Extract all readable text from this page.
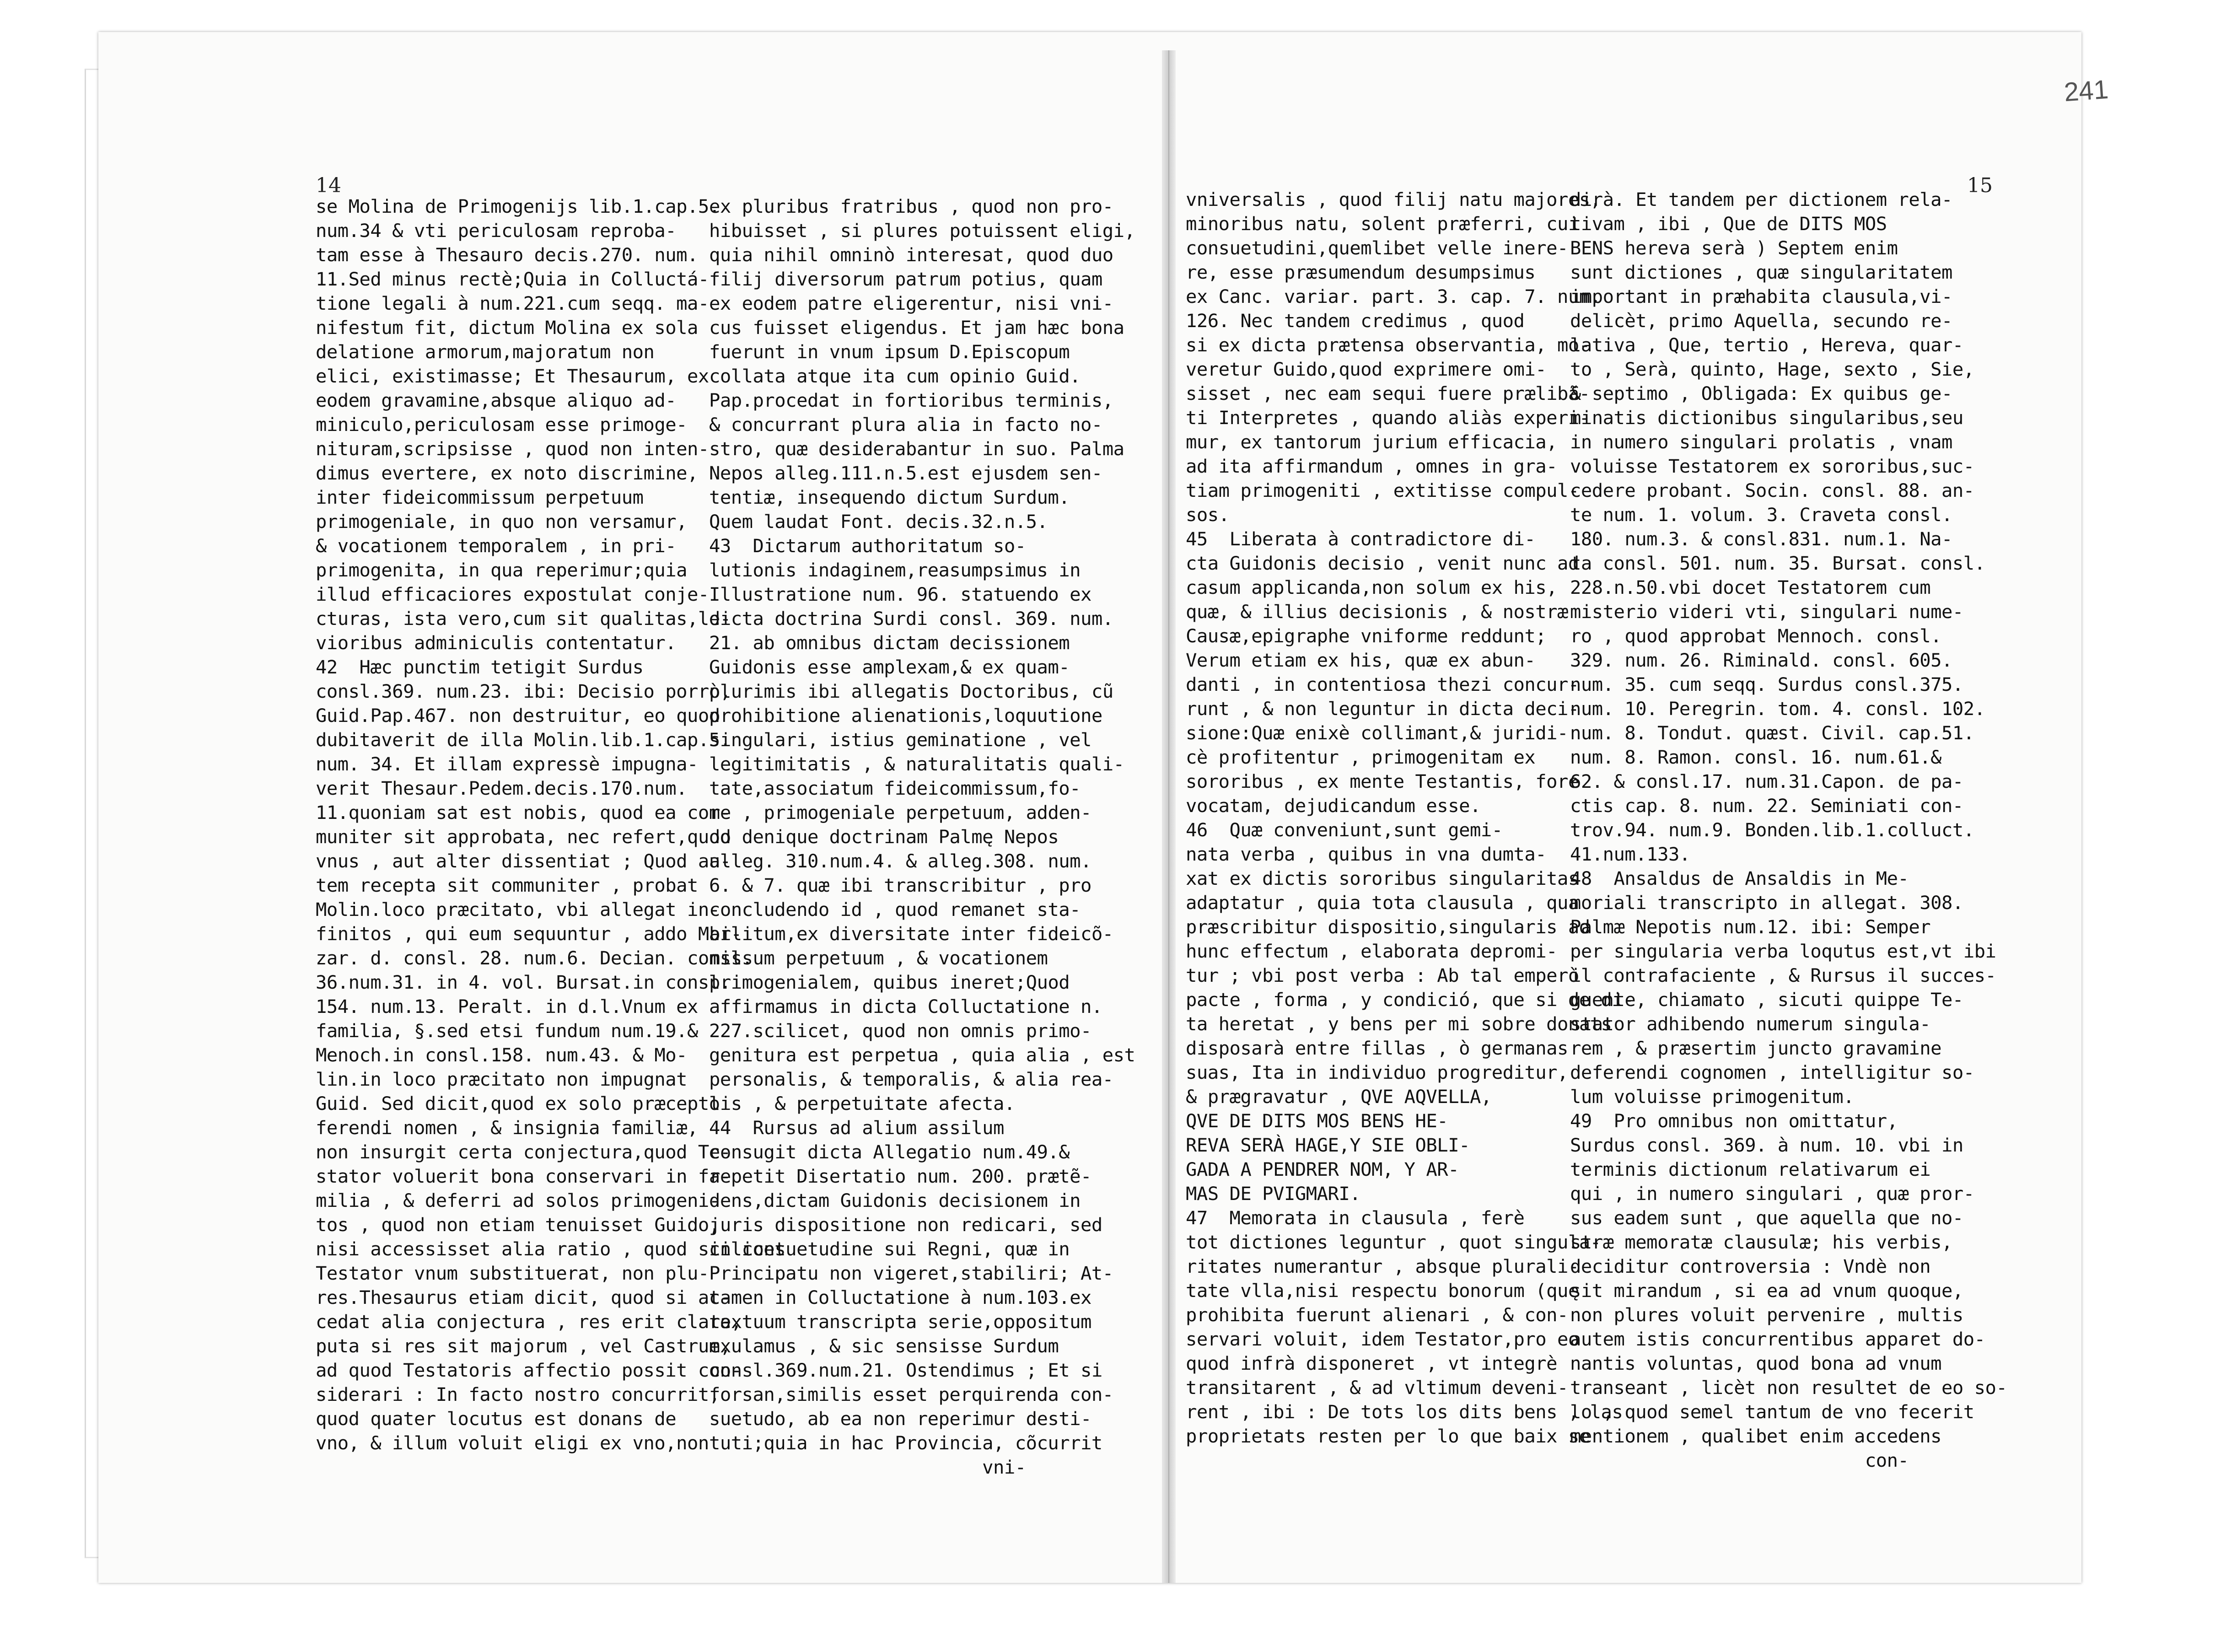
241
14	15
se Molina de Primogenijs lib.1.cap.5.
num.34 & vti periculosam reproba-
tam esse à Thesauro decis.270. num.
11.Sed minus rectè;Quia in Colluctá-
tione legali à num.221.cum seqq. ma-
nifestum fit, dictum Molina ex sola
delatione armorum,majoratum non
elici, existimasse; Et Thesaurum, ex
eodem gravamine,absque aliquo ad-
miniculo,periculosam esse primoge-
nituram,scripsisse , quod non inten-
dimus evertere, ex noto discrimine,
inter fideicommissum perpetuum
primogeniale, in quo non versamur,
& vocationem temporalem , in pri-
primogenita, in qua reperimur;quia
illud efficaciores expostulat conje-
cturas, ista vero,cum sit qualitas,le-
vioribus adminiculis contentatur.
42  Hæc punctim tetigit Surdus
consl.369. num.23. ibi: Decisio porrò,
Guid.Pap.467. non destruitur, eo quod
dubitaverit de illa Molin.lib.1.cap.5.
num. 34. Et illam expressè impugna-
verit Thesaur.Pedem.decis.170.num.
11.quoniam sat est nobis, quod ea com-
muniter sit approbata, nec refert,quod
vnus , aut alter dissentiat ; Quod au-
tem recepta sit communiter , probat
Molin.loco præcitato, vbi allegat in-
finitos , qui eum sequuntur , addo Mar-
zar. d. consl. 28. num.6. Decian. consl.
36.num.31. in 4. vol. Bursat.in consl.
154. num.13. Peralt. in d.l.Vnum ex
familia, §.sed etsi fundum num.19.&
Menoch.in consl.158. num.43. & Mo-
lin.in loco præcitato non impugnat
Guid. Sed dicit,quod ex solo præcepto
ferendi nomen , & insignia familiæ,
non insurgit certa conjectura,quod Te-
stator voluerit bona conservari in fa-
milia , & deferri ad solos primogeni-
tos , quod non etiam tenuisset Guido,
nisi accessisset alia ratio , quod scilicet
Testator vnum substituerat, non plu-
res.Thesaurus etiam dicit, quod si ac-
cedat alia conjectura , res erit clara,
puta si res sit majorum , vel Castrum,
ad quod Testatoris affectio possit con-
siderari : In facto nostro concurrit,
quod quater locutus est donans de
vno, & illum voluit eligi ex vno,non
ex pluribus fratribus , quod non pro-
hibuisset , si plures potuissent eligi,
quia nihil omninò interesat, quod duo
filij diversorum patrum potius, quam
ex eodem patre eligerentur, nisi vni-
cus fuisset eligendus. Et jam hæc bona
fuerunt in vnum ipsum D.Episcopum
collata atque ita cum opinio Guid.
Pap.procedat in fortioribus terminis,
& concurrant plura alia in facto no-
stro, quæ desiderabantur in suo. Palma
Nepos alleg.111.n.5.est ejusdem sen-
tentiæ, insequendo dictum Surdum.
Quem laudat Font. decis.32.n.5.
43  Dictarum authoritatum so-
lutionis indaginem,reasumpsimus in
Illustratione num. 96. statuendo ex
dicta doctrina Surdi consl. 369. num.
21. ab omnibus dictam decissionem
Guidonis esse amplexam,& ex quam-
plurimis ibi allegatis Doctoribus, cũ
prohibitione alienationis,loquutione
singulari, istius geminatione , vel
legitimitatis , & naturalitatis quali-
tate,associatum fideicommissum,fo-
re , primogeniale perpetuum, adden-
do denique doctrinam Palmę Nepos
alleg. 310.num.4. & alleg.308. num.
6. & 7. quæ ibi transcribitur , pro
concludendo id , quod remanet sta-
bilitum,ex diversitate inter fideicõ-
missum perpetuum , & vocationem
primogenialem, quibus ineret;Quod
affirmamus in dicta Colluctatione n.
227.scilicet, quod non omnis primo-
genitura est perpetua , quia alia , est
personalis, & temporalis, & alia rea-
lis , & perpetuitate afecta.
44  Rursus ad alium assilum
consugit dicta Allegatio num.49.&
repetit Disertatio num. 200. prætẽ-
dens,dictam Guidonis decisionem in
juris dispositione non redicari, sed
in consuetudine sui Regni, quæ in
Principatu non vigeret,stabiliri; At-
tamen in Colluctatione à num.103.ex
textuum transcripta serie,oppositum
exulamus , & sic sensisse Surdum
consl.369.num.21. Ostendimus ; Et si
forsan,similis esset perquirenda con-
suetudo, ab ea non reperimur desti-
tuti;quia in hac Provincia, cõcurrit
vni-
vniversalis , quod filij natu majores,
minoribus natu, solent præferri, cui
consuetudini,quemlibet velle inere-
re, esse præsumendum desumpsimus
ex Canc. variar. part. 3. cap. 7. num.
126. Nec tandem credimus , quod
si ex dicta prætensa observantia, mo-
veretur Guido,quod exprimere omi-
sisset , nec eam sequi fuere prælibã-
ti Interpretes , quando aliàs experi-
mur, ex tantorum jurium efficacia,
ad ita affirmandum , omnes in gra-
tiam primogeniti , extitisse compul-
sos.
45  Liberata à contradictore di-
cta Guidonis decisio , venit nunc ad
casum applicanda,non solum ex his,
quæ, & illius decisionis , & nostræ
Causæ,epigraphe vniforme reddunt;
Verum etiam ex his, quæ ex abun-
danti , in contentiosa thezi concur-
runt , & non leguntur in dicta deci-
sione:Quæ enixè collimant,& juridi-
cè profitentur , primogenitam ex
sororibus , ex mente Testantis, fore
vocatam, dejudicandum esse.
46  Quæ conveniunt,sunt gemi-
nata verba , quibus in vna dumta-
xat ex dictis sororibus singularitas
adaptatur , quia tota clausula , qua
præscribitur dispositio,singularis ad
hunc effectum , elaborata depromi-
tur ; vbi post verba : Ab tal emperò
pacte , forma , y condició, que si de di-
ta heretat , y bens per mi sobre donats
disposarà entre fillas , ò germanas
suas, Ita in individuo progreditur,
& prægravatur , QVE AQVELLA,
QVE DE DITS MOS BENS HE-
REVA SERÀ HAGE,Y SIE OBLI-
GADA A PENDRER NOM, Y AR-
MAS DE PVIGMARI.
47  Memorata in clausula , ferè
tot dictiones leguntur , quot singula-
ritates numerantur , absque plurali-
tate vlla,nisi respectu bonorum (quę
prohibita fuerunt alienari , & con-
servari voluit, idem Testator,pro eo
quod infrà disponeret , vt integrè
transitarent , & ad vltimum deveni-
rent , ibi : De tots los dits bens , las
proprietats resten per lo que baix se
dirà. Et tandem per dictionem rela-
tivam , ibi , Que de DITS MOS
BENS hereva serà ) Septem enim
sunt dictiones , quæ singularitatem
important in præhabita clausula,vi-
delicèt, primo Aquella, secundo re-
lativa , Que, tertio , Hereva, quar-
to , Serà, quinto, Hage, sexto , Sie,
& septimo , Obligada: Ex quibus ge-
minatis dictionibus singularibus,seu
in numero singulari prolatis , vnam
voluisse Testatorem ex sororibus,suc-
cedere probant. Socin. consl. 88. an-
te num. 1. volum. 3. Craveta consl.
180. num.3. & consl.831. num.1. Na-
ta consl. 501. num. 35. Bursat. consl.
228.n.50.vbi docet Testatorem cum
misterio videri vti, singulari nume-
ro , quod approbat Mennoch. consl.
329. num. 26. Riminald. consl. 605.
num. 35. cum seqq. Surdus consl.375.
num. 10. Peregrin. tom. 4. consl. 102.
num. 8. Tondut. quæst. Civil. cap.51.
num. 8. Ramon. consl. 16. num.61.&
62. & consl.17. num.31.Capon. de pa-
ctis cap. 8. num. 22. Seminiati con-
trov.94. num.9. Bonden.lib.1.colluct.
41.num.133.
48  Ansaldus de Ansaldis in Me-
moriali transcripto in allegat. 308.
Palmæ Nepotis num.12. ibi: Semper
per singularia verba loqutus est,vt ibi
il contrafaciente , & Rursus il succes-
guente, chiamato , sicuti quippe Te-
stator adhibendo numerum singula-
rem , & præsertim juncto gravamine
deferendi cognomen , intelligitur so-
lum voluisse primogenitum.
49  Pro omnibus non omittatur,
Surdus consl. 369. à num. 10. vbi in
terminis dictionum relativarum ei
qui , in numero singulari , quæ pror-
sus eadem sunt , que aquella que no-
stræ memoratæ clausulæ; his verbis,
deciditur controversia : Vndè non
sit mirandum , si ea ad vnum quoque,
non plures voluit pervenire , multis
autem istis concurrentibus apparet do-
nantis voluntas, quod bona ad vnum
transeant , licèt non resultet de eo so-
lo , quod semel tantum de vno fecerit
mentionem , qualibet enim accedens
con-
